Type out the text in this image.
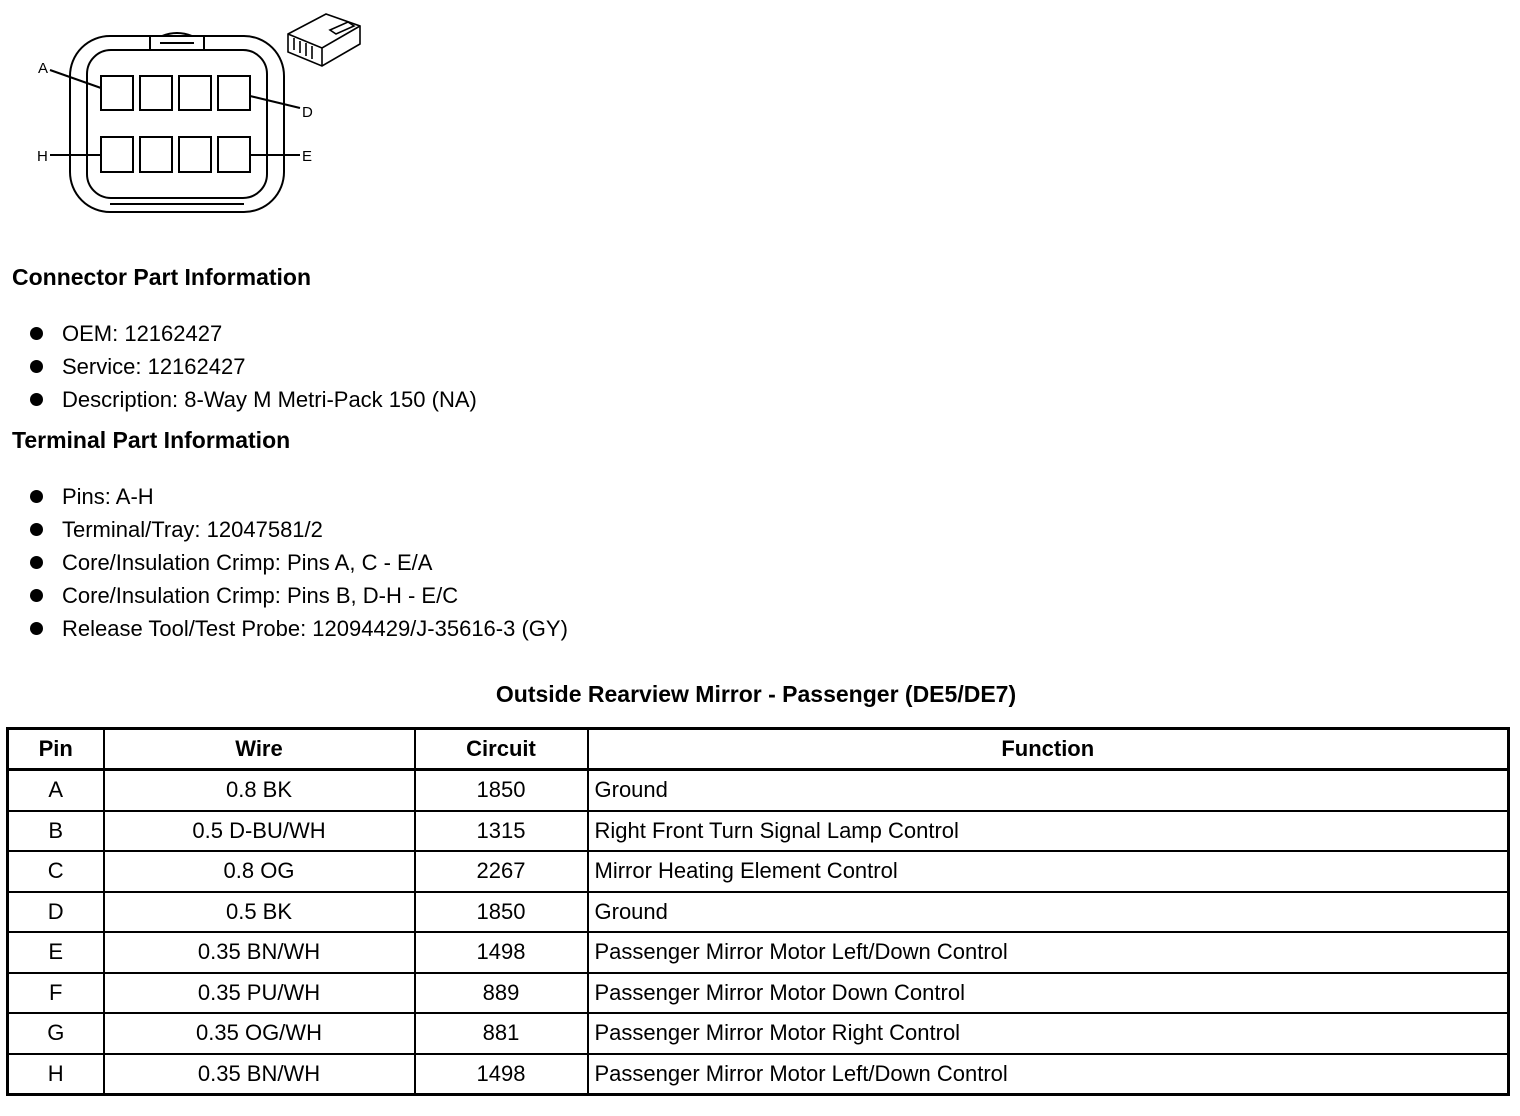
A
D
H	E
Connector Part Information
OEM: 12162427
Service: 12162427
Description: 8-Way M Metri-Pack 150 (NA)
Terminal Part Information
Pins: A-H
Terminal/Tray: 12047581/2
Core/Insulation Crimp: Pins A, C - E/A
Core/Insulation Crimp: Pins B, D-H - E/C
Release Tool/Test Probe: 12094429/J-35616-3 (GY)
Outside Rearview Mirror - Passenger (DE5/DE7)
Pin	Wire	Circuit	Function
A	0.8 BK	1850	Ground
B	0.5 D-BU/WH	1315	Right Front Turn Signal Lamp Control
C	0.8 OG	2267	Mirror Heating Element Control
D	0.5 BK	1850	Ground
E	0.35 BN/WH	1498	Passenger Mirror Motor Left/Down Control
F	0.35 PU/WH	889	Passenger Mirror Motor Down Control
G	0.35 OG/WH	881	Passenger Mirror Motor Right Control
H	0.35 BN/WH	1498	Passenger Mirror Motor Left/Down Control
